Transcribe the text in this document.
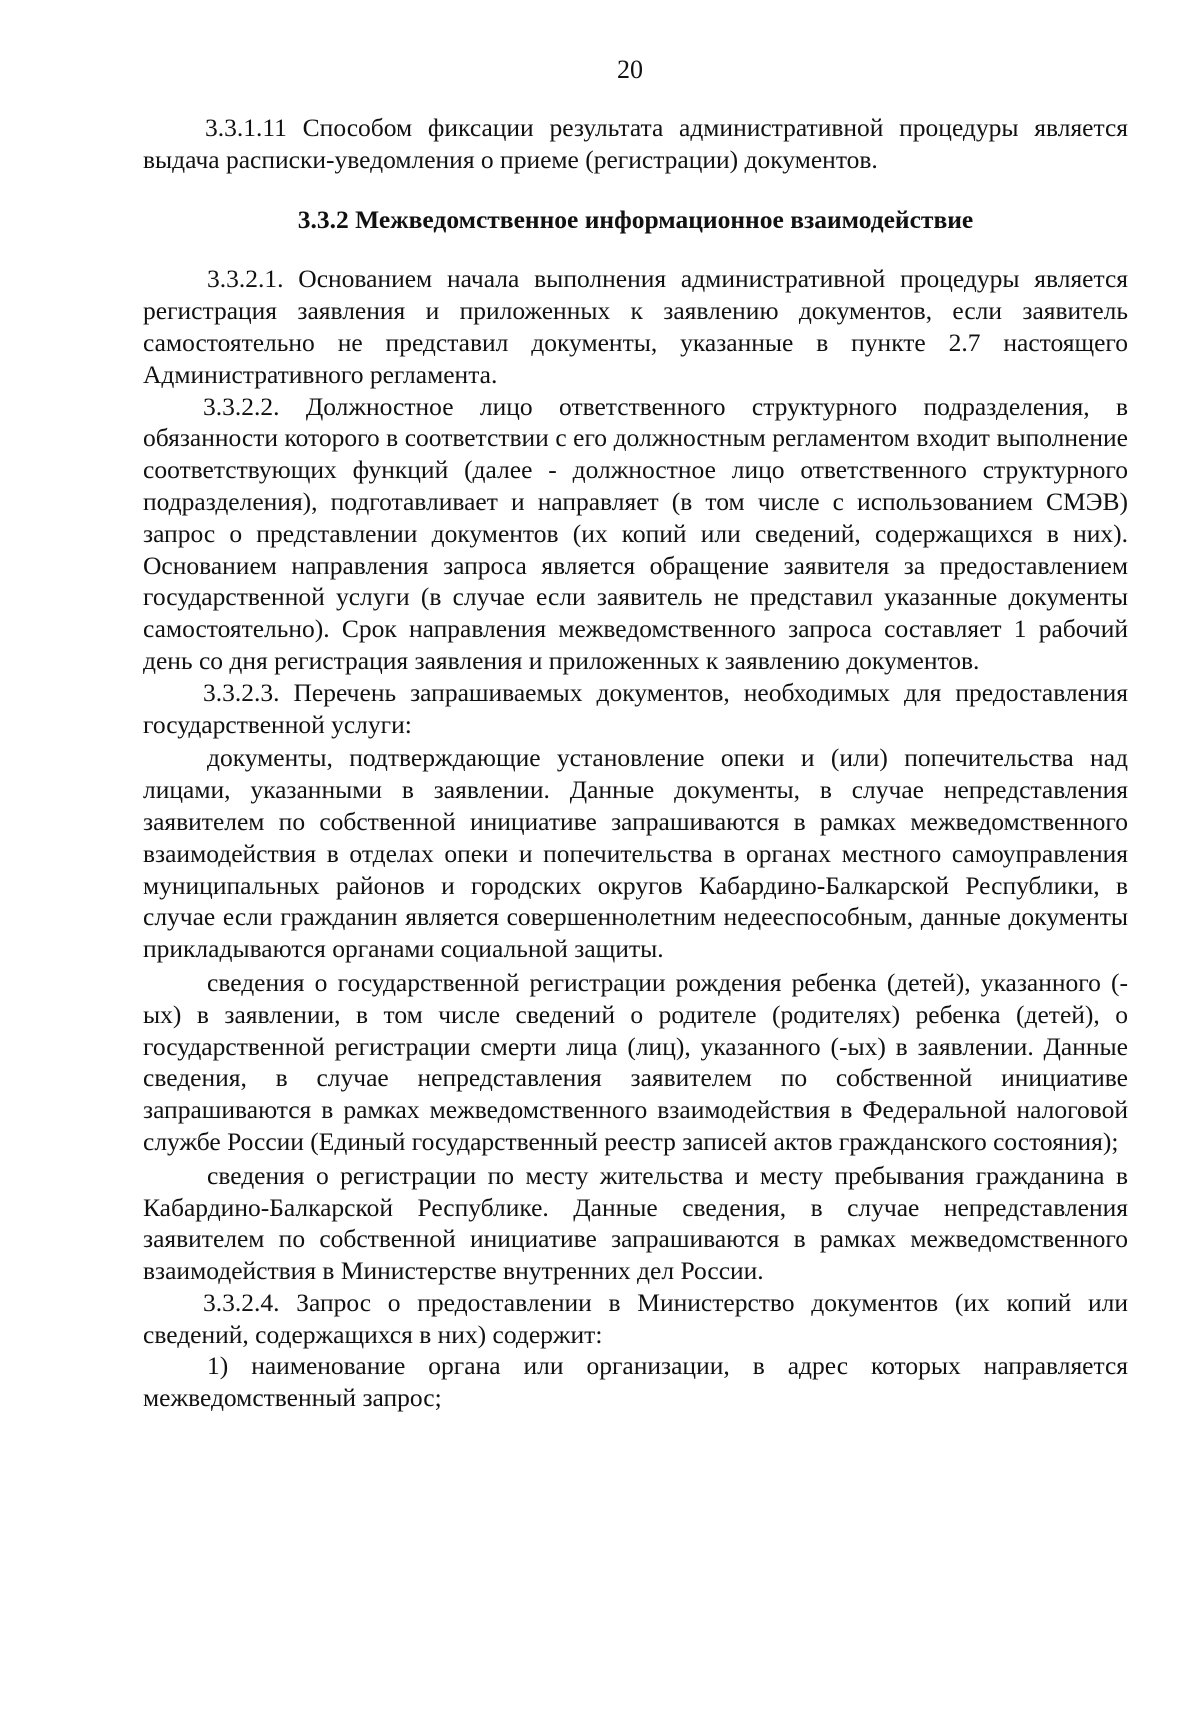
20

3.3.1.11 Способом фиксации результата административной процедуры является выдача расписки-уведомления о приеме (регистрации) документов.

3.3.2 Межведомственное информационное взаимодействие

3.3.2.1. Основанием начала выполнения административной процедуры является регистрация заявления и приложенных к заявлению документов, если заявитель самостоятельно не представил документы, указанные в пункте 2.7 настоящего Административного регламента.

3.3.2.2. Должностное лицо ответственного структурного подразделения, в обязанности которого в соответствии с его должностным регламентом входит выполнение соответствующих функций (далее - должностное лицо ответственного структурного подразделения), подготавливает и направляет (в том числе с использованием СМЭВ) запрос о представлении документов (их копий или сведений, содержащихся в них). Основанием направления запроса является обращение заявителя за предоставлением государственной услуги (в случае если заявитель не представил указанные документы самостоятельно). Срок направления межведомственного запроса составляет 1 рабочий день со дня регистрация заявления и приложенных к заявлению документов.

3.3.2.3. Перечень запрашиваемых документов, необходимых для предоставления государственной услуги:

документы, подтверждающие установление опеки и (или) попечительства над лицами, указанными в заявлении. Данные документы, в случае непредставления заявителем по собственной инициативе запрашиваются в рамках межведомственного взаимодействия в отделах опеки и попечительства в органах местного самоуправления муниципальных районов и городских округов Кабардино-Балкарской Республики, в случае если гражданин является совершеннолетним недееспособным, данные документы прикладываются органами социальной защиты.

сведения о государственной регистрации рождения ребенка (детей), указанного (-ых) в заявлении, в том числе сведений о родителе (родителях) ребенка (детей), о государственной регистрации смерти лица (лиц), указанного (-ых) в заявлении. Данные сведения, в случае непредставления заявителем по собственной инициативе запрашиваются в рамках межведомственного взаимодействия в Федеральной налоговой службе России (Единый государственный реестр записей актов гражданского состояния);

сведения о регистрации по месту жительства и месту пребывания гражданина в Кабардино-Балкарской Республике. Данные сведения, в случае непредставления заявителем по собственной инициативе запрашиваются в рамках межведомственного взаимодействия в Министерстве внутренних дел России.

3.3.2.4. Запрос о предоставлении в Министерство документов (их копий или сведений, содержащихся в них) содержит:

1) наименование органа или организации, в адрес которых направляется межведомственный запрос;
